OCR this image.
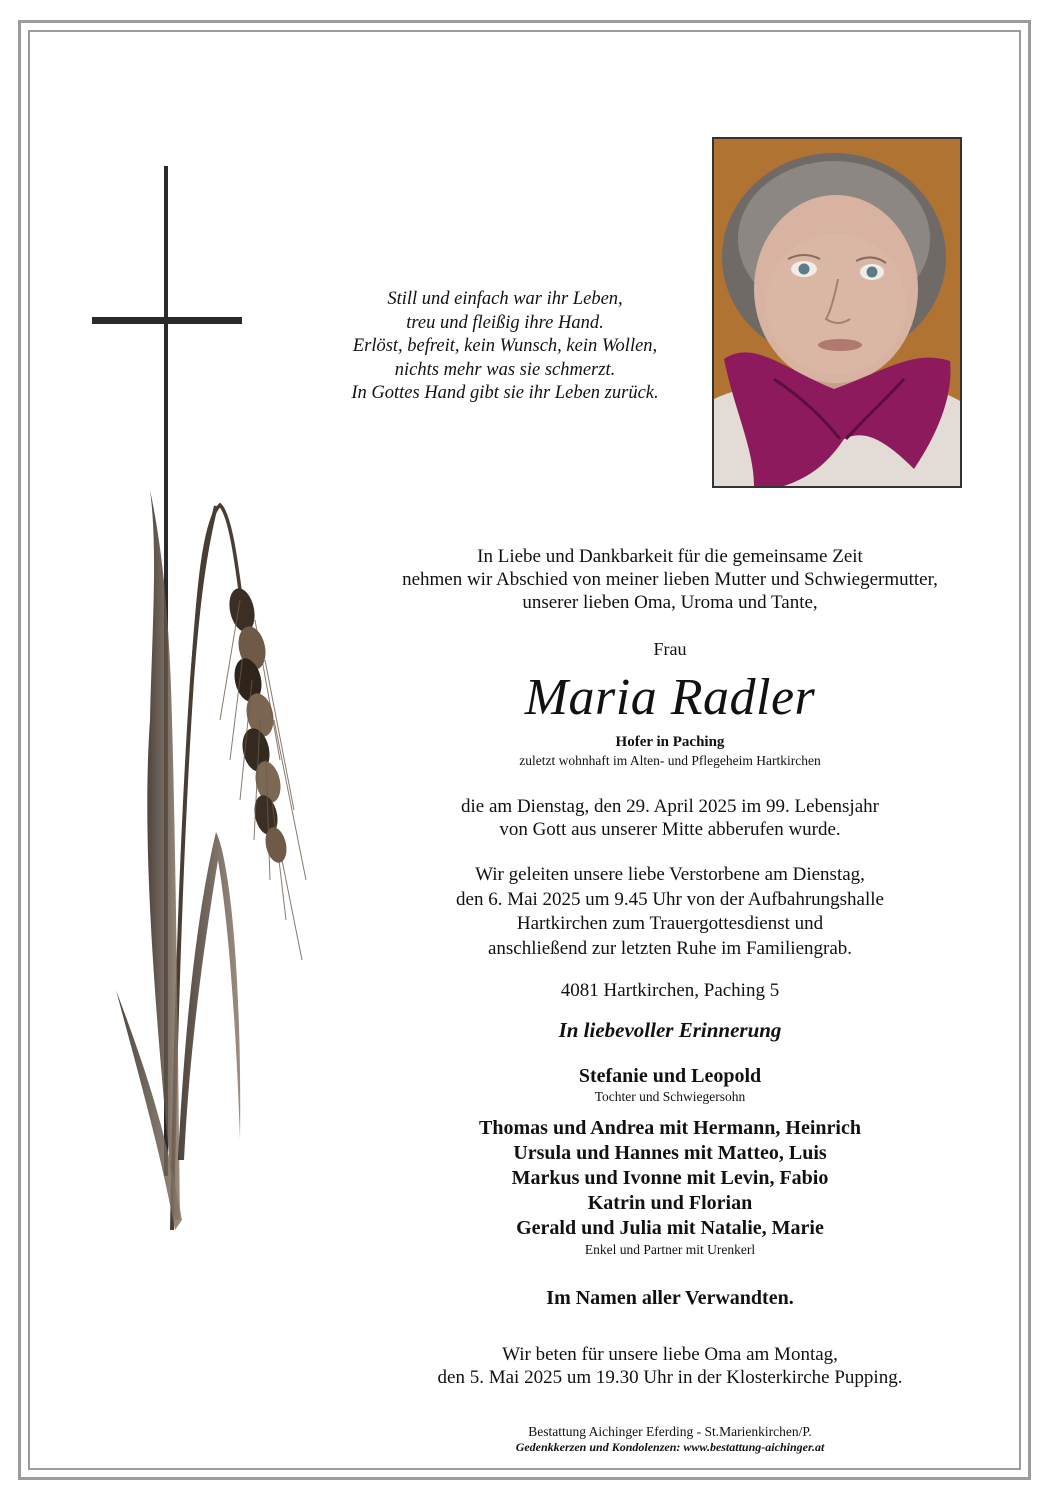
Still und einfach war ihr Leben,
treu und fleißig ihre Hand.
Erlöst, befreit, kein Wunsch, kein Wollen,
nichts mehr was sie schmerzt.
In Gottes Hand gibt sie ihr Leben zurück.
In Liebe und Dankbarkeit für die gemeinsame Zeit
nehmen wir Abschied von meiner lieben Mutter und Schwiegermutter,
unserer lieben Oma, Uroma und Tante,
Frau
Maria Radler
Hofer in Paching
zuletzt wohnhaft im Alten- und Pflegeheim Hartkirchen
die am Dienstag, den 29. April 2025 im 99. Lebensjahr
von Gott aus unserer Mitte abberufen wurde.
Wir geleiten unsere liebe Verstorbene am Dienstag,
den 6. Mai 2025 um 9.45 Uhr von der Aufbahrungshalle
Hartkirchen zum Trauergottesdienst und
anschließend zur letzten Ruhe im Familiengrab.
4081 Hartkirchen, Paching 5
In liebevoller Erinnerung
Stefanie und Leopold
Tochter und Schwiegersohn
Thomas und Andrea mit Hermann, Heinrich
Ursula und Hannes mit Matteo, Luis
Markus und Ivonne mit Levin, Fabio
Katrin und Florian
Gerald und Julia mit Natalie, Marie
Enkel und Partner mit Urenkerl
Im Namen aller Verwandten.
Wir beten für unsere liebe Oma am Montag,
den 5. Mai 2025 um 19.30 Uhr in der Klosterkirche Pupping.
Bestattung Aichinger Eferding - St.Marienkirchen/P.
Gedenkkerzen und Kondolenzen: www.bestattung-aichinger.at
